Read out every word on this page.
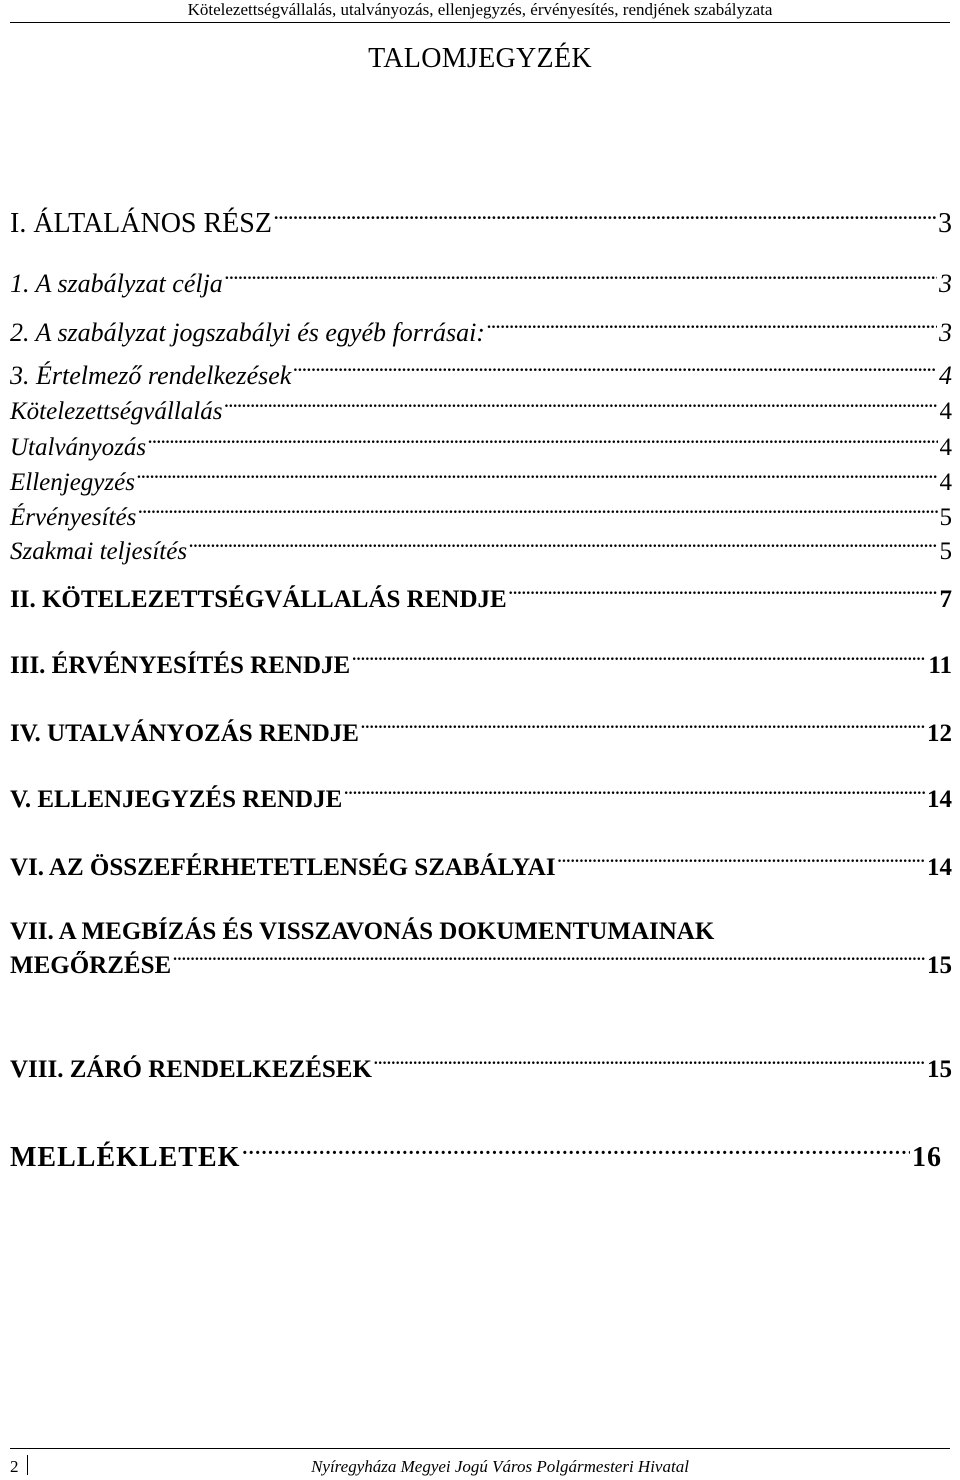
Kötelezettségvállalás, utalványozás, ellenjegyzés, érvényesítés, rendjének szabályzata
TALOMJEGYZÉK
I. ÁLTALÁNOS RÉSZ .....	3
1. A szabályzat célja .....	3
2. A szabályzat jogszabályi és egyéb forrásai: .....	3
3. Értelmező rendelkezések .....	4
Kötelezettségvállalás .....	4
Utalványozás .....	4
Ellenjegyzés .....	4
Érvényesítés .....	5
Szakmai teljesítés .....	5
II. KÖTELEZETTSÉGVÁLLALÁS RENDJE .....	7
III. ÉRVÉNYESÍTÉS RENDJE .....	11
IV. UTALVÁNYOZÁS RENDJE .....	12
V. ELLENJEGYZÉS RENDJE .....	14
VI. AZ ÖSSZEFÉRHETETLENSÉG SZABÁLYAI .....	14
VII. A MEGBÍZÁS ÉS VISSZAVONÁS DOKUMENTUMAINAK
MEGŐRZÉSE .....	15
VIII. ZÁRÓ RENDELKEZÉSEK .....	15
MELLÉKLETEK .....	16
2	Nyíregyháza Megyei Jogú Város Polgármesteri Hivatal
